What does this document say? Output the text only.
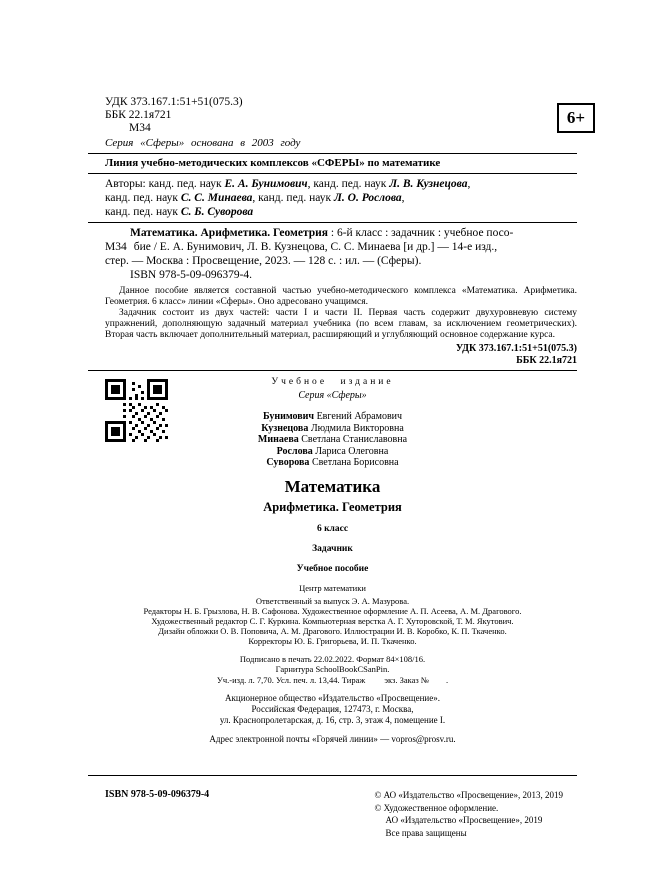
6+
УДК 373.167.1:51+51(075.3)
ББК 22.1я721
М34
Серия «Сферы» основана в 2003 году
Линия учебно-методических комплексов «СФЕРЫ» по математике
Авторы: канд. пед. наук Е. А. Бунимович, канд. пед. наук Л. В. Кузнецова,
канд. пед. наук С. С. Минаева, канд. пед. наук Л. О. Рослова,
канд. пед. наук С. Б. Суворова
Математика. Арифметика. Геометрия : 6-й класс : задачник : учебное посо-
М34 бие / Е. А. Бунимович, Л. В. Кузнецова, С. С. Минаева [и др.] — 14-е изд.,
стер. — Москва : Просвещение, 2023. — 128 с. : ил. — (Сферы).
ISBN 978-5-09-096379-4.

Данное пособие является составной частью учебно-методического комплекса «Математика. Арифметика. Геометрия. 6 класс» линии «Сферы». Оно адресовано учащимся.

Задачник состоит из двух частей: части I и части II. Первая часть содержит двухуровневую систему упражнений, дополняющую задачный материал учебника (по всем главам, за исключением геометрических). Вторая часть включает дополнительный материал, расширяющий и углубляющий основное содержание курса.

УДК 373.167.1:51+51(075.3)
ББК 22.1я721
Учебное издание
Серия «Сферы»
Бунимович Евгений Абрамович
Кузнецова Людмила Викторовна
Минаева Светлана Станиславовна
Рослова Лариса Олеговна
Суворова Светлана Борисовна
Математика
Арифметика. Геометрия
6 класс
Задачник
Учебное пособие
Центр математики
Ответственный за выпуск Э. А. Мазурова.
Редакторы Н. Б. Грызлова, Н. В. Сафонова. Художественное оформление А. П. Асеева, А. М. Драгового.
Художественный редактор С. Г. Куркина. Компьютерная верстка А. Г. Хуторовской, Т. М. Якутович.
Дизайн обложки О. В. Поповича, А. М. Драгового. Иллюстрации И. В. Коробко, К. П. Ткаченко.
Корректоры Ю. Б. Григорьева, И. П. Ткаченко.
Подписано в печать 22.02.2022. Формат 84×108/16.
Гарнитура SchoolBookCSanPin.
Уч.-изд. л. 7,70. Усл. печ. л. 13,44. Тираж         экз. Заказ №        .
Акционерное общество «Издательство «Просвещение».
Российская Федерация, 127473, г. Москва,
ул. Краснопролетарская, д. 16, стр. 3, этаж 4, помещение I.
Адрес электронной почты «Горячей линии» — vopros@prosv.ru.
ISBN 978-5-09-096379-4	© АО «Издательство «Просвещение», 2013, 2019
© Художественное оформление.
АО «Издательство «Просвещение», 2019
Все права защищены
